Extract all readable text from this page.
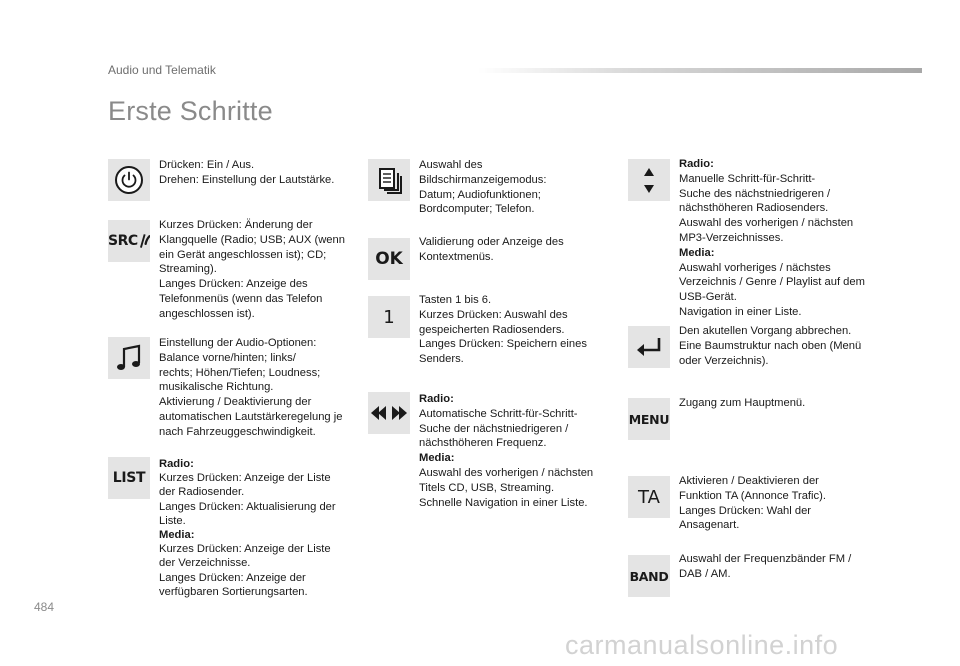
Audio und Telematik
Erste Schritte
Drücken: Ein / Aus.
Drehen: Einstellung der Lautstärke.
SRC
Kurzes Drücken: Änderung der
Klangquelle (Radio; USB; AUX (wenn
ein Gerät angeschlossen ist); CD;
Streaming).
Langes Drücken: Anzeige des
Telefonmenüs (wenn das Telefon
angeschlossen ist).
Einstellung der Audio-Optionen:
Balance vorne/hinten; links/
rechts; Höhen/Tiefen; Loudness;
musikalische Richtung.
Aktivierung / Deaktivierung der
automatischen Lautstärkeregelung je
nach Fahrzeuggeschwindigkeit.
LIST
Radio:
Kurzes Drücken: Anzeige der Liste
der Radiosender.
Langes Drücken: Aktualisierung der
Liste.
Media:
Kurzes Drücken: Anzeige der Liste
der Verzeichnisse.
Langes Drücken: Anzeige der
verfügbaren Sortierungsarten.
Auswahl des
Bildschirmanzeigemodus:
Datum; Audiofunktionen;
Bordcomputer; Telefon.
OK
Validierung oder Anzeige des
Kontextmenüs.
1
Tasten 1 bis 6.
Kurzes Drücken: Auswahl des
gespeicherten Radiosenders.
Langes Drücken: Speichern eines
Senders.
Radio:
Automatische Schritt-für-Schritt-
Suche der nächstniedrigeren /
nächsthöheren Frequenz.
Media:
Auswahl des vorherigen / nächsten
Titels CD, USB, Streaming.
Schnelle Navigation in einer Liste.
Radio:
Manuelle Schritt-für-Schritt-
Suche des nächstniedrigeren /
nächsthöheren Radiosenders.
Auswahl des vorherigen / nächsten
MP3-Verzeichnisses.
Media:
Auswahl vorheriges / nächstes
Verzeichnis / Genre / Playlist auf dem
USB-Gerät.
Navigation in einer Liste.
Den akutellen Vorgang abbrechen.
Eine Baumstruktur nach oben (Menü
oder Verzeichnis).
MENU
Zugang zum Hauptmenü.
TA
Aktivieren / Deaktivieren der
Funktion TA (Annonce Trafic).
Langes Drücken: Wahl der
Ansagenart.
BAND
Auswahl der Frequenzbänder FM /
DAB / AM.
484
carmanualsonline.info
